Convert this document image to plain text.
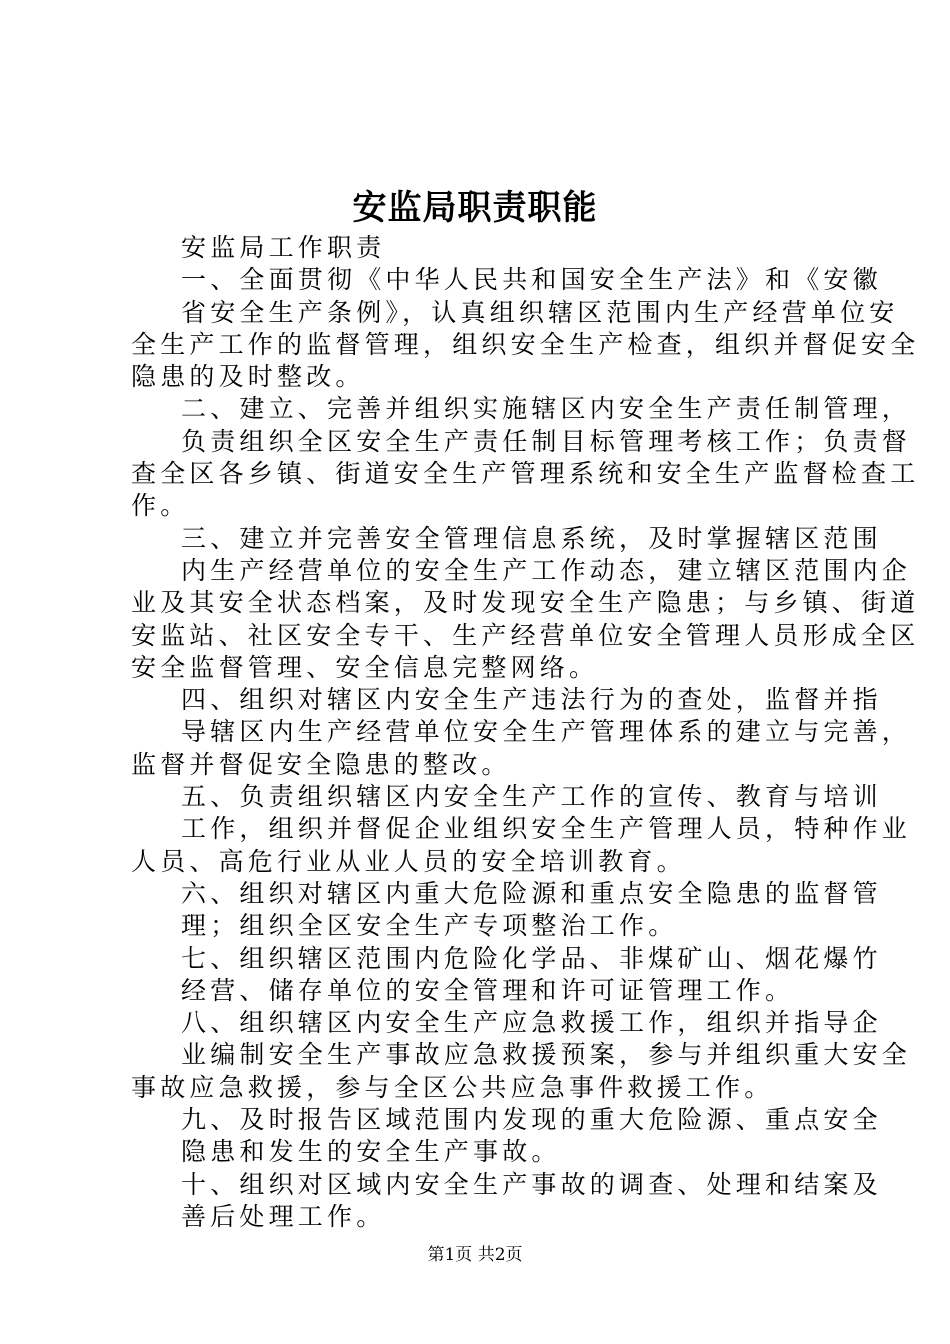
安监局职责职能
安监局工作职责
一、全面贯彻《中华人民共和国安全生产法》和《安徽
省安全生产条例》，认真组织辖区范围内生产经营单位安
全生产工作的监督管理，组织安全生产检查，组织并督促安全
隐患的及时整改。
二、建立、完善并组织实施辖区内安全生产责任制管理，
负责组织全区安全生产责任制目标管理考核工作；负责督
查全区各乡镇、街道安全生产管理系统和安全生产监督检查工
作。
三、建立并完善安全管理信息系统，及时掌握辖区范围
内生产经营单位的安全生产工作动态，建立辖区范围内企
业及其安全状态档案，及时发现安全生产隐患；与乡镇、街道
安监站、社区安全专干、生产经营单位安全管理人员形成全区
安全监督管理、安全信息完整网络。
四、组织对辖区内安全生产违法行为的查处，监督并指
导辖区内生产经营单位安全生产管理体系的建立与完善，
监督并督促安全隐患的整改。
五、负责组织辖区内安全生产工作的宣传、教育与培训
工作，组织并督促企业组织安全生产管理人员，特种作业
人员、高危行业从业人员的安全培训教育。
六、组织对辖区内重大危险源和重点安全隐患的监督管
理；组织全区安全生产专项整治工作。
七、组织辖区范围内危险化学品、非煤矿山、烟花爆竹
经营、储存单位的安全管理和许可证管理工作。
八、组织辖区内安全生产应急救援工作，组织并指导企
业编制安全生产事故应急救援预案，参与并组织重大安全
事故应急救援，参与全区公共应急事件救援工作。
九、及时报告区域范围内发现的重大危险源、重点安全
隐患和发生的安全生产事故。
十、组织对区域内安全生产事故的调查、处理和结案及
善后处理工作。
第1页 共2页
